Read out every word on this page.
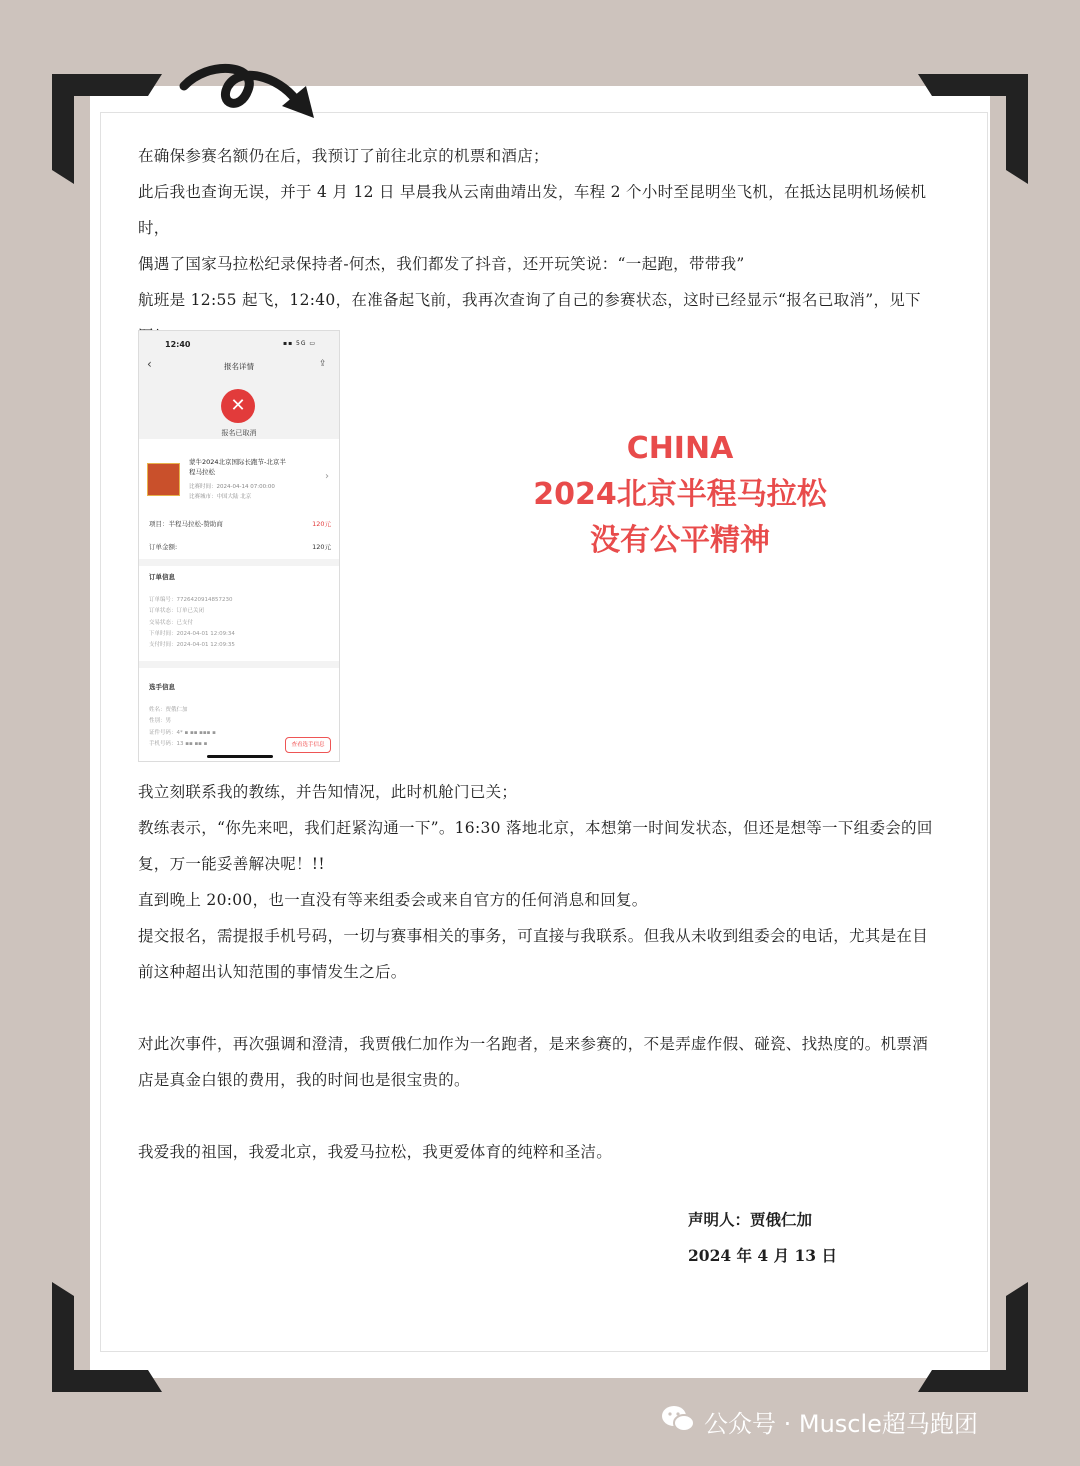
在确保参赛名额仍在后，我预订了前往北京的机票和酒店；

此后我也查询无误，并于 4 月 12 日 早晨我从云南曲靖出发，车程 2 个小时至昆明坐飞机，在抵达昆明机场候机时，

偶遇了国家马拉松纪录保持者-何杰，我们都发了抖音，还开玩笑说：“一起跑，带带我”

航班是 12:55 起飞，12:40，在准备起飞前，我再次查询了自己的参赛状态，这时已经显示“报名已取消”，见下

12:40	▪▪ 5G ▭
‹	报名详情	⇪
✕
报名已取消
蒙牛2024北京国际长跑节-北京半
程马拉松
比赛时间：2024-04-14 07:00:00
比赛城市：中国大陆 北京
›
项目：半程马拉松-赞助商	120元
订单金额:	120元
订单信息
订单编号：7726420914857230
订单状态：订单已关闭
交易状态：已支付
下单时间：2024-04-01 12:09:34
支付时间：2024-04-01 12:09:35
选手信息
姓名：贾俄仁加
性别：男
证件号码：4* ▪ ▪▪ ▪▪▪ ▪
手机号码：13 ▪▪ ▪▪ ▪	查看选手信息
CHINA
2024北京半程马拉松
没有公平精神

我立刻联系我的教练，并告知情况，此时机舱门已关；

教练表示，“你先来吧，我们赶紧沟通一下”。16:30 落地北京，本想第一时间发状态，但还是想等一下组委会的回

复，万一能妥善解决呢！!!

直到晚上 20:00，也一直没有等来组委会或来自官方的任何消息和回复。

提交报名，需提报手机号码，一切与赛事相关的事务，可直接与我联系。但我从未收到组委会的电话，尤其是在目

前这种超出认知范围的事情发生之后。

对此次事件，再次强调和澄清，我贾俄仁加作为一名跑者，是来参赛的，不是弄虚作假、碰瓷、找热度的。机票酒

店是真金白银的费用，我的时间也是很宝贵的。

我爱我的祖国，我爱北京，我爱马拉松，我更爱体育的纯粹和圣洁。

声明人：贾俄仁加
2024 年 4 月 13 日
公众号 · Muscle超马跑团
